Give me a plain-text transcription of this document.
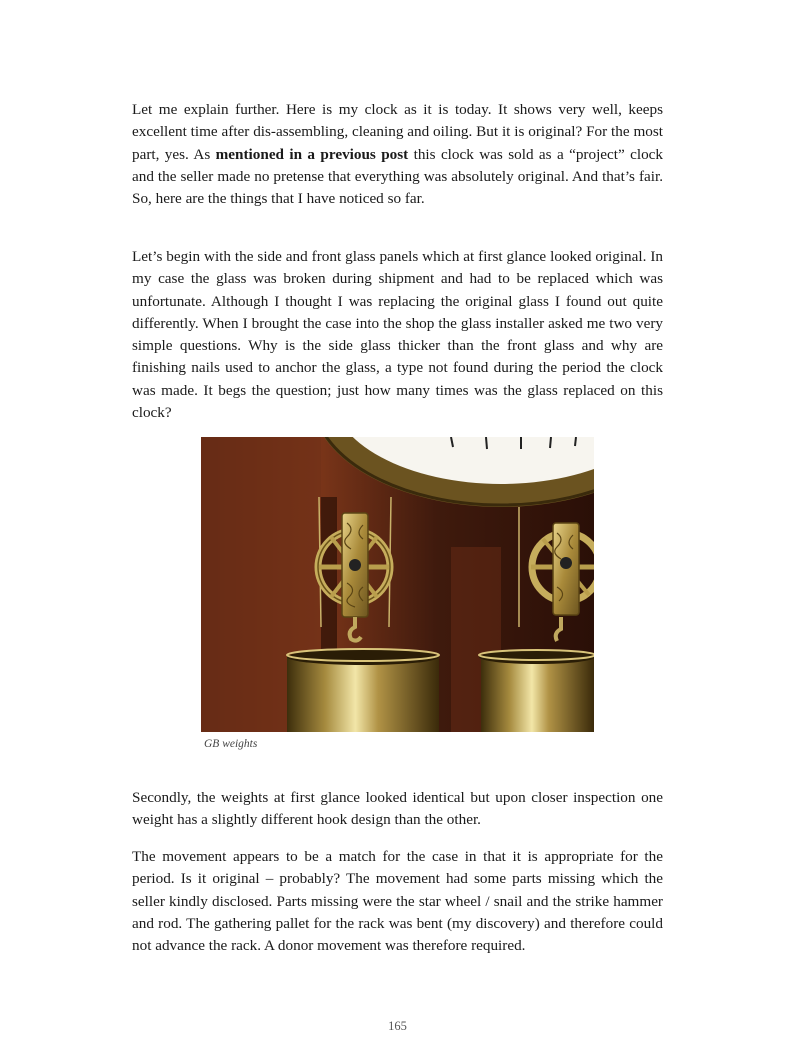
Let me explain further. Here is my clock as it is today. It shows very well, keeps excellent time after dis-assembling, cleaning and oiling. But it is original? For the most part, yes. As mentioned in a previous post this clock was sold as a “project” clock and the seller made no pretense that everything was absolutely original. And that’s fair. So, here are the things that I have noticed so far.

Let’s begin with the side and front glass panels which at first glance looked original. In my case the glass was broken during shipment and had to be replaced which was unfortunate. Although I thought I was replacing the original glass I found out quite differently. When I brought the case into the shop the glass installer asked me two very simple questions. Why is the side glass thicker than the front glass and why are finishing nails used to anchor the glass, a type not found during the period the clock was made. It begs the question; just how many times was the glass replaced on this clock?

GB weights

Secondly, the weights at first glance looked identical but upon closer inspection one weight has a slightly different hook design than the other.

The movement appears to be a match for the case in that it is appropriate for the period. Is it original – probably? The movement had some parts missing which the seller kindly disclosed. Parts missing were the star wheel / snail and the strike hammer and rod. The gathering pallet for the rack was bent (my discovery) and therefore could not advance the rack. A donor movement was therefore required.

165
